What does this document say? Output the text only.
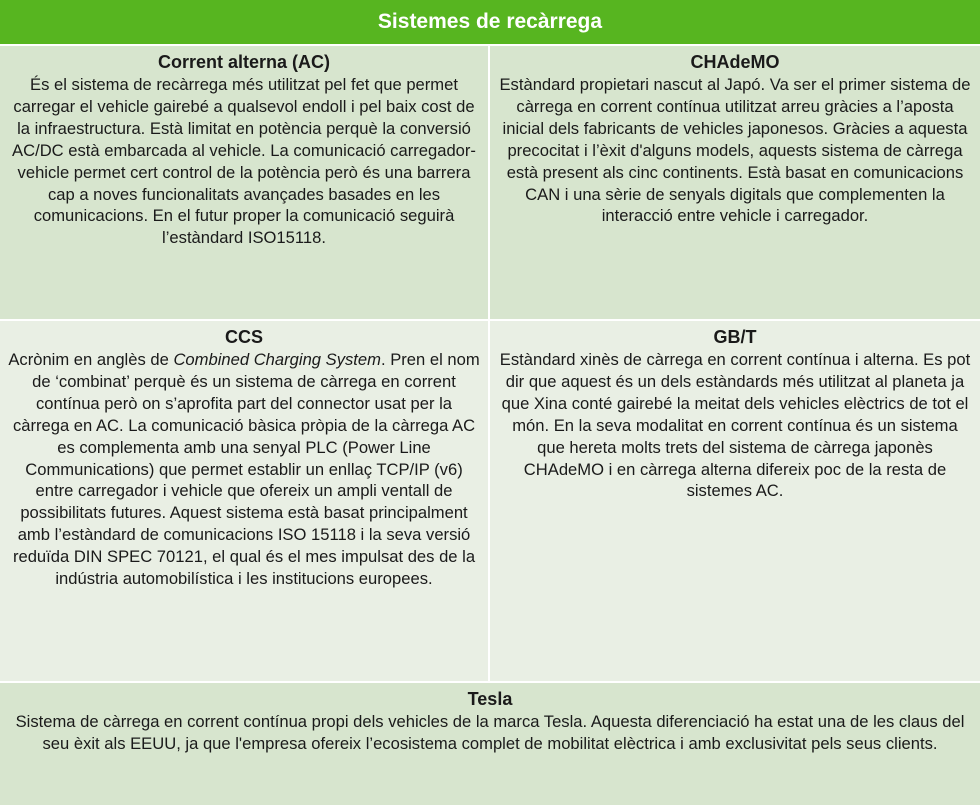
Sistemes de recàrrega
Corrent alterna (AC)

És el sistema de recàrrega més utilitzat pel fet que permet carregar el vehicle gairebé a qualsevol endoll i pel baix cost de la infraestructura. Està limitat en potència perquè la conversió AC/DC està embarcada al vehicle. La comunicació carregador-vehicle permet cert control de la potència però és una barrera cap a noves funcionalitats avançades basades en les comunicacions. En el futur proper la comunicació seguirà l’estàndard ISO15118.

CHAdeMO

Estàndard propietari nascut al Japó. Va ser el primer sistema de càrrega en corrent contínua utilitzat arreu gràcies a l’aposta inicial dels fabricants de vehicles japonesos. Gràcies a aquesta precocitat i l’èxit d'alguns models, aquests sistema de càrrega està present als cinc continents. Està basat en comunicacions CAN i una sèrie de senyals digitals que complementen la interacció entre vehicle i carregador.

CCS

Acrònim en anglès de Combined Charging System. Pren el nom de ‘combinat’ perquè és un sistema de càrrega en corrent contínua però on s’aprofita part del connector usat per la càrrega en AC. La comunicació bàsica pròpia de la càrrega AC es complementa amb una senyal PLC (Power Line Communications) que permet establir un enllaç TCP/IP (v6) entre carregador i vehicle que ofereix un ampli ventall de possibilitats futures. Aquest sistema està basat principalment amb l’estàndard de comunicacions ISO 15118 i la seva versió reduïda DIN SPEC 70121, el qual és el mes impulsat des de la indústria automobilística i les institucions europees.

GB/T

Estàndard xinès de càrrega en corrent contínua i alterna. Es pot dir que aquest és un dels estàndards més utilitzat al planeta ja que Xina conté gairebé la meitat dels vehicles elèctrics de tot el món. En la seva modalitat en corrent contínua és un sistema que hereta molts trets del sistema de càrrega japonès CHAdeMO i en càrrega alterna difereix poc de la resta de sistemes AC.

Tesla

Sistema de càrrega en corrent contínua propi dels vehicles de la marca Tesla. Aquesta diferenciació ha estat una de les claus del seu èxit als EEUU, ja que l'empresa ofereix l’ecosistema complet de mobilitat elèctrica i amb exclusivitat pels seus clients.
